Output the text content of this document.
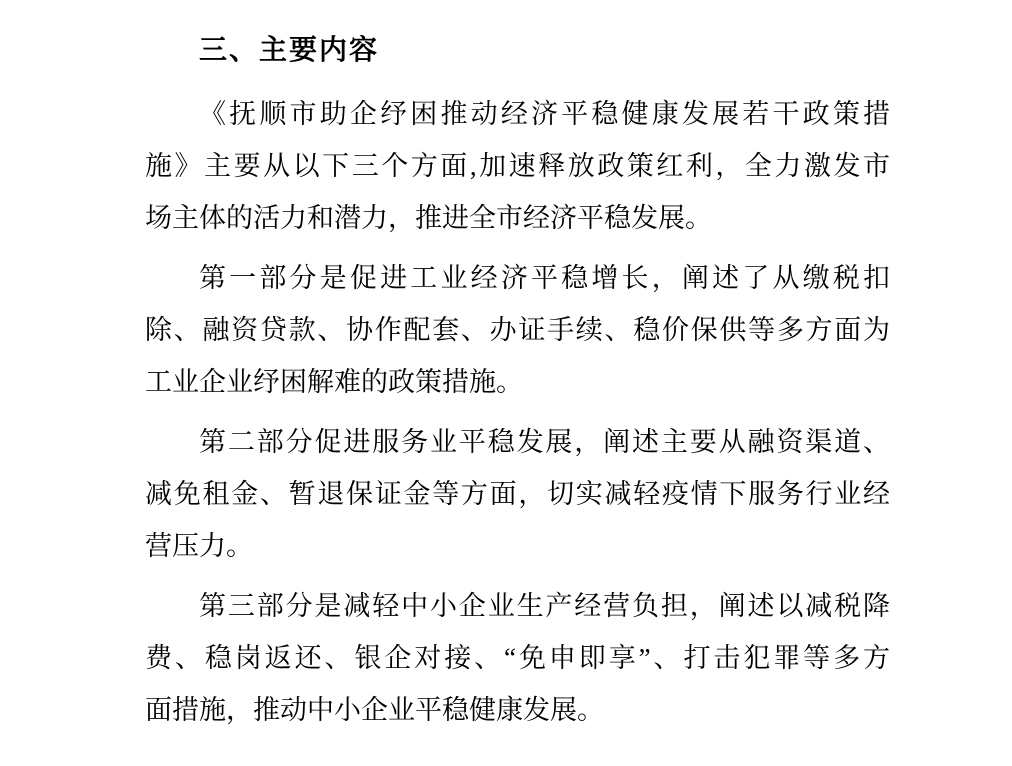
三、主要内容
《抚顺市助企纾困推动经济平稳健康发展若干政策措
施》主要从以下三个方面,加速释放政策红利，全力激发市
场主体的活力和潜力，推进全市经济平稳发展。
第一部分是促进工业经济平稳增长，阐述了从缴税扣
除、融资贷款、协作配套、办证手续、稳价保供等多方面为
工业企业纾困解难的政策措施。
第二部分促进服务业平稳发展，阐述主要从融资渠道、
减免租金、暂退保证金等方面，切实减轻疫情下服务行业经
营压力。
第三部分是减轻中小企业生产经营负担，阐述以减税降
费、稳岗返还、银企对接、“免申即享”、打击犯罪等多方
面措施，推动中小企业平稳健康发展。
